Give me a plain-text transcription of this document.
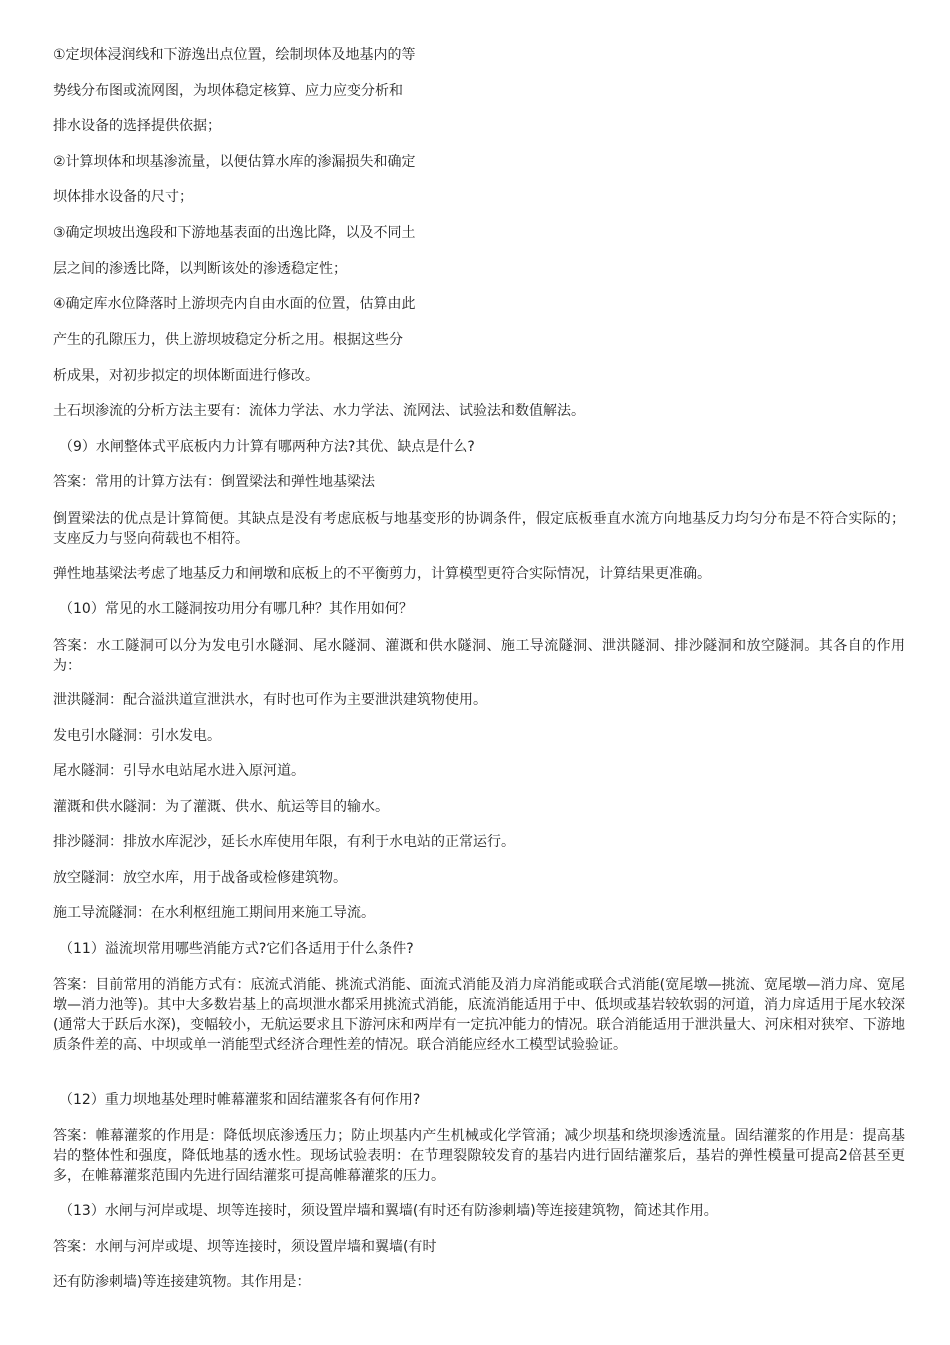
①定坝体浸润线和下游逸出点位置，绘制坝体及地基内的等
势线分布图或流网图，为坝体稳定核算、应力应变分析和
排水设备的选择提供依据；
②计算坝体和坝基渗流量，以便估算水库的渗漏损失和确定
坝体排水设备的尺寸；
③确定坝坡出逸段和下游地基表面的出逸比降，以及不同土
层之间的渗透比降，以判断该处的渗透稳定性；
④确定库水位降落时上游坝壳内自由水面的位置，估算由此
产生的孔隙压力，供上游坝坡稳定分析之用。根据这些分
析成果，对初步拟定的坝体断面进行修改。
土石坝渗流的分析方法主要有：流体力学法、水力学法、流网法、试验法和数值解法。
（9）水闸整体式平底板内力计算有哪两种方法?其优、缺点是什么?
答案：常用的计算方法有：倒置梁法和弹性地基梁法
倒置梁法的优点是计算简便。其缺点是没有考虑底板与地基变形的协调条件，假定底板垂直水流方向地基反力均匀分布是不符合实际的；支座反力与竖向荷载也不相符。
弹性地基梁法考虑了地基反力和闸墩和底板上的不平衡剪力，计算模型更符合实际情况，计算结果更准确。
（10）常见的水工隧洞按功用分有哪几种？其作用如何？
答案：水工隧洞可以分为发电引水隧洞、尾水隧洞、灌溉和供水隧洞、施工导流隧洞、泄洪隧洞、排沙隧洞和放空隧洞。其各自的作用为：
泄洪隧洞：配合溢洪道宣泄洪水，有时也可作为主要泄洪建筑物使用。
发电引水隧洞：引水发电。
尾水隧洞：引导水电站尾水进入原河道。
灌溉和供水隧洞：为了灌溉、供水、航运等目的输水。
排沙隧洞：排放水库泥沙，延长水库使用年限，有利于水电站的正常运行。
放空隧洞：放空水库，用于战备或检修建筑物。
施工导流隧洞：在水利枢纽施工期间用来施工导流。
（11）溢流坝常用哪些消能方式?它们各适用于什么条件?
答案：目前常用的消能方式有：底流式消能、挑流式消能、面流式消能及消力戽消能或联合式消能(宽尾墩—挑流、宽尾墩—消力戽、宽尾墩—消力池等)。其中大多数岩基上的高坝泄水都采用挑流式消能，底流消能适用于中、低坝或基岩较软弱的河道，消力戽适用于尾水较深(通常大于跃后水深)，变幅较小，无航运要求且下游河床和两岸有一定抗冲能力的情况。联合消能适用于泄洪量大、河床相对狭窄、下游地质条件差的高、中坝或单一消能型式经济合理性差的情况。联合消能应经水工模型试验验证。
（12）重力坝地基处理时帷幕灌浆和固结灌浆各有何作用?
答案：帷幕灌浆的作用是：降低坝底渗透压力；防止坝基内产生机械或化学管涌；减少坝基和绕坝渗透流量。固结灌浆的作用是：提高基岩的整体性和强度，降低地基的透水性。现场试验表明：在节理裂隙较发育的基岩内进行固结灌浆后，基岩的弹性模量可提高2倍甚至更多，在帷幕灌浆范围内先进行固结灌浆可提高帷幕灌浆的压力。
（13）水闸与河岸或堤、坝等连接时，须设置岸墙和翼墙(有时还有防渗刺墙)等连接建筑物，简述其作用。
答案：水闸与河岸或堤、坝等连接时，须设置岸墙和翼墙(有时
还有防渗刺墙)等连接建筑物。其作用是：
